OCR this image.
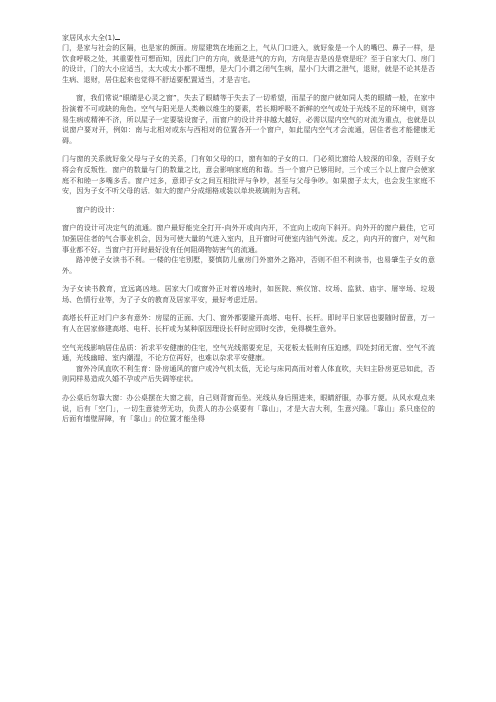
家居风水大全(1)

门，是家与社会的区隔，也是家的颜面。房屋建筑在地面之上，气从门口进入，就好象是一个人的嘴巴、鼻子一样，是饮食呼吸之处，其重要性可想而知，因此门户的方向，就是进气的方向，方向是吉是凶是衰是旺？至于自家大门、房门的设计，门的大小应适当，太大或太小都不理想，是大门小谓之闭气生病，屋小门大谓之泄气，退财，就是不论其是否生病、退财，居住起来也觉得不舒适要配置适当，才是吉宅。

窗，我们常说“眼睛是心灵之窗”，失去了眼睛等于失去了一切希望，而屋子的窗户就如同人类的眼睛一般，在家中扮演着不可或缺的角色。空气与阳光是人类赖以维生的要素，若长期呼吸不新鲜的空气或处于光线不足的环境中，则容易生病或精神不济，所以屋子一定要装设窗子，而窗户的设计并非越大越好，必需以屋内空气的对流为重点，也就是以说窗户要对开，例如：南与北相对或东与西相对的位置各开一个窗户，如此屋内空气才会流通，居住者也才能健康无碍。

门与窗的关系就好象父母与子女的关系，门有如父母的口，窗有如的子女的口．门必须比窗给人较深的印象，否则子女将会有反叛性．窗户的数量与门的数量之比，意会影响家庭的和谐。当一个窗户已够用时，三个或三个以上窗户会使家庭不和睦一多嘴多舌。窗户过多，意即子女之间互相批评与争吵，甚至与父母争吵。如果窗子太大，也会发生家庭不安，因为子女不听父母的话．如大的窗户分成细格或装以单块玻璃则为吉利。

窗户的设计：

窗户的设计可决定气的流通。窗户最好能完全打开-向外开或向内开，不宜向上或向下斜开。向外开的窗户最佳，它可加强居住者的气合事业机会，因为可使大量的气进入室内，且开窗时可使室内油气外流。反之，向内开的窗户，对气和事业都不好。当窗户打开时最好没有任何阻碍物妨害气的流通。

路冲使子女读书不利。一楼的住宅别墅，要慎防儿童房门外窗外之路冲，否则不但不利读书，也易肇生子女的意外。

为子女读书教育，宜远离凶地。居家大门或窗外正对着凶地时，如医院、殡仪馆、坟场、监狱、庙宇、屠宰场、垃圾场、色情行业等，为了子女的教育及居家平安，最好考虑迁居。

高塔长杆正对门户多有意外：房屋的正面、大门、窗外都要避开高塔、电杆、长杆。即时平日家居也要随时留意，万一有人在居家修建高塔、电杆、长杆或为某种原因理设长杆时应即时交涉，免得横生意外。

空气光线影响居住品质：祈求平安健康的住宅，空气光线需要充足，天花板太低则有压迫感，四处封闭无窗、空气不流通，光线幽暗、室内潮湿，不论方位再好，也难以杂求平安健康。

窗外冷风直吹不利生育：卧房通风的窗户或冷气机太低，无论与床同高而对着人体直吹，夫妇主卧房更忌如此，否则同样易造成久婚不孕或产后失调等症状。

办公桌后勿靠大窗：办公桌摆在大窗之前，自己则背窗而坐。光线从身后照进来，眼睛舒服，办事方便。从风水观点来说，后有「空门」，一切生意徒劳无功，负责人的办公桌要有「靠山」，才是大吉大利，生意兴隆。「靠山」系只座位的后面有墙壁屏障，有「靠山」的位置才能坐得
